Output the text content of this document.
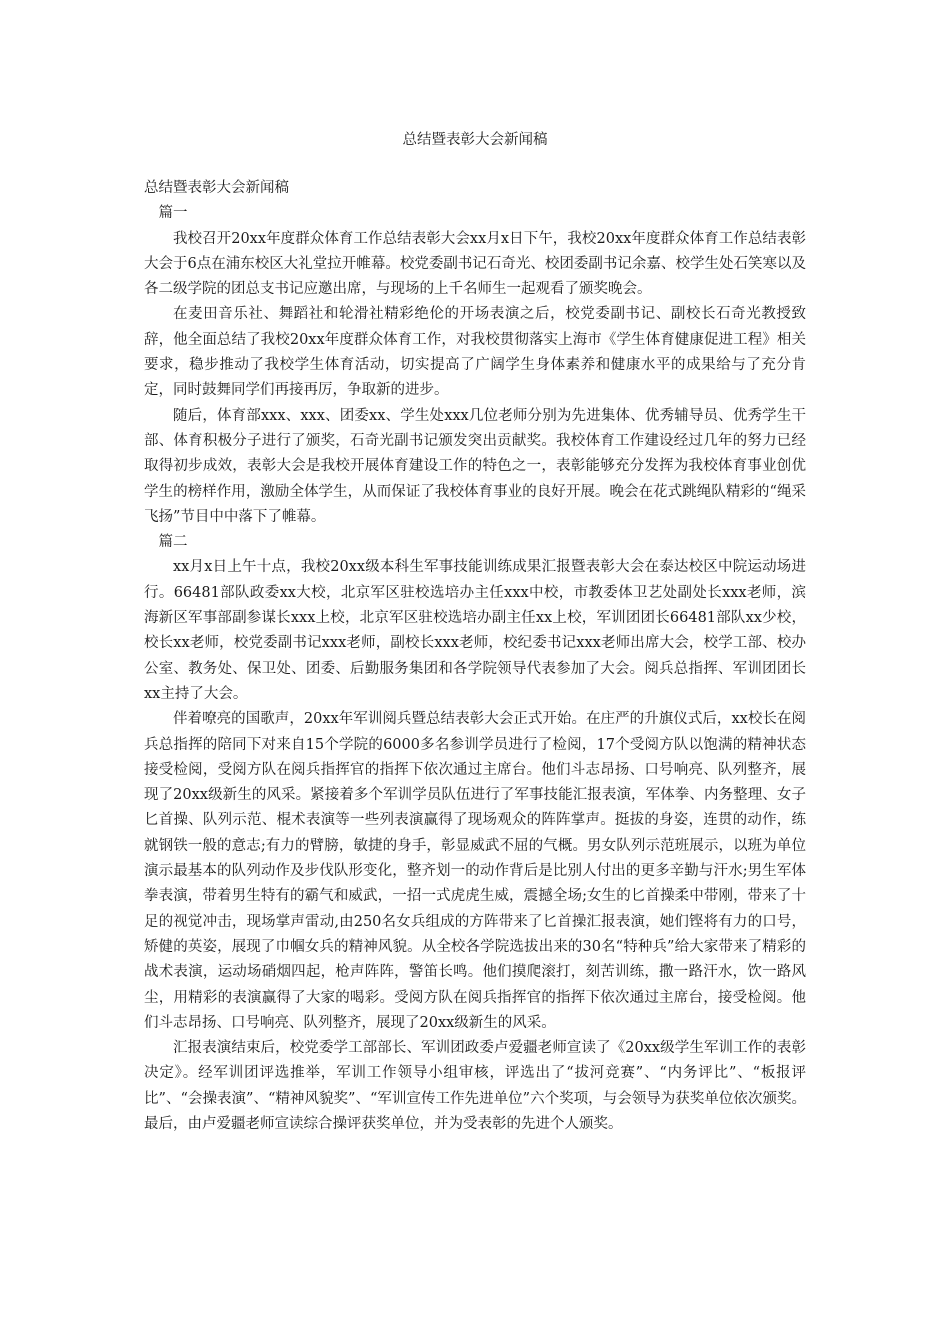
总结暨表彰大会新闻稿

总结暨表彰大会新闻稿

篇一

我校召开20xx年度群众体育工作总结表彰大会xx月x日下午，我校20xx年度群众体育工作总结表彰大会于6点在浦东校区大礼堂拉开帷幕。校党委副书记石奇光、校团委副书记余嘉、校学生处石笑寒以及各二级学院的团总支书记应邀出席，与现场的上千名师生一起观看了颁奖晚会。

在麦田音乐社、舞蹈社和轮滑社精彩绝伦的开场表演之后，校党委副书记、副校长石奇光教授致辞，他全面总结了我校20xx年度群众体育工作，对我校贯彻落实上海市《学生体育健康促进工程》相关要求，稳步推动了我校学生体育活动，切实提高了广阔学生身体素养和健康水平的成果给与了充分肯定，同时鼓舞同学们再接再厉，争取新的进步。

随后，体育部xxx、xxx、团委xx、学生处xxx几位老师分别为先进集体、优秀辅导员、优秀学生干部、体育积极分子进行了颁奖，石奇光副书记颁发突出贡献奖。我校体育工作建设经过几年的努力已经取得初步成效，表彰大会是我校开展体育建设工作的特色之一，表彰能够充分发挥为我校体育事业创优学生的榜样作用，激励全体学生，从而保证了我校体育事业的良好开展。晚会在花式跳绳队精彩的“绳采飞扬”节目中中落下了帷幕。

篇二

xx月x日上午十点，我校20xx级本科生军事技能训练成果汇报暨表彰大会在泰达校区中院运动场进行。66481部队政委xx大校，北京军区驻校选培办主任xxx中校，市教委体卫艺处副处长xxx老师，滨海新区军事部副参谋长xxx上校，北京军区驻校选培办副主任xx上校，军训团团长66481部队xx少校，校长xx老师，校党委副书记xxx老师，副校长xxx老师，校纪委书记xxx老师出席大会，校学工部、校办公室、教务处、保卫处、团委、后勤服务集团和各学院领导代表参加了大会。阅兵总指挥、军训团团长xx主持了大会。

伴着嘹亮的国歌声，20xx年军训阅兵暨总结表彰大会正式开始。在庄严的升旗仪式后，xx校长在阅兵总指挥的陪同下对来自15个学院的6000多名参训学员进行了检阅，17个受阅方队以饱满的精神状态接受检阅，受阅方队在阅兵指挥官的指挥下依次通过主席台。他们斗志昂扬、口号响亮、队列整齐，展现了20xx级新生的风采。紧接着多个军训学员队伍进行了军事技能汇报表演，军体拳、内务整理、女子匕首操、队列示范、棍术表演等一些列表演赢得了现场观众的阵阵掌声。挺拔的身姿，连贯的动作，练就钢铁一般的意志;有力的臂膀，敏捷的身手，彰显威武不屈的气概。男女队列示范班展示，以班为单位演示最基本的队列动作及步伐队形变化，整齐划一的动作背后是比别人付出的更多辛勤与汗水;男生军体拳表演，带着男生特有的霸气和威武，一招一式虎虎生威，震撼全场;女生的匕首操柔中带刚，带来了十足的视觉冲击，现场掌声雷动,由250名女兵组成的方阵带来了匕首操汇报表演，她们铿将有力的口号，矫健的英姿，展现了巾帼女兵的精神风貌。从全校各学院选拔出来的30名“特种兵”给大家带来了精彩的战术表演，运动场硝烟四起，枪声阵阵，警笛长鸣。他们摸爬滚打，刻苦训练，撒一路汗水，饮一路风尘，用精彩的表演赢得了大家的喝彩。受阅方队在阅兵指挥官的指挥下依次通过主席台，接受检阅。他们斗志昂扬、口号响亮、队列整齐，展现了20xx级新生的风采。

汇报表演结束后，校党委学工部部长、军训团政委卢爱疆老师宣读了《20xx级学生军训工作的表彰决定》。经军训团评选推举，军训工作领导小组审核，评选出了“拔河竞赛”、“内务评比”、“板报评比”、“会操表演”、“精神风貌奖”、“军训宣传工作先进单位”六个奖项，与会领导为获奖单位依次颁奖。最后，由卢爱疆老师宣读综合操评获奖单位，并为受表彰的先进个人颁奖。
